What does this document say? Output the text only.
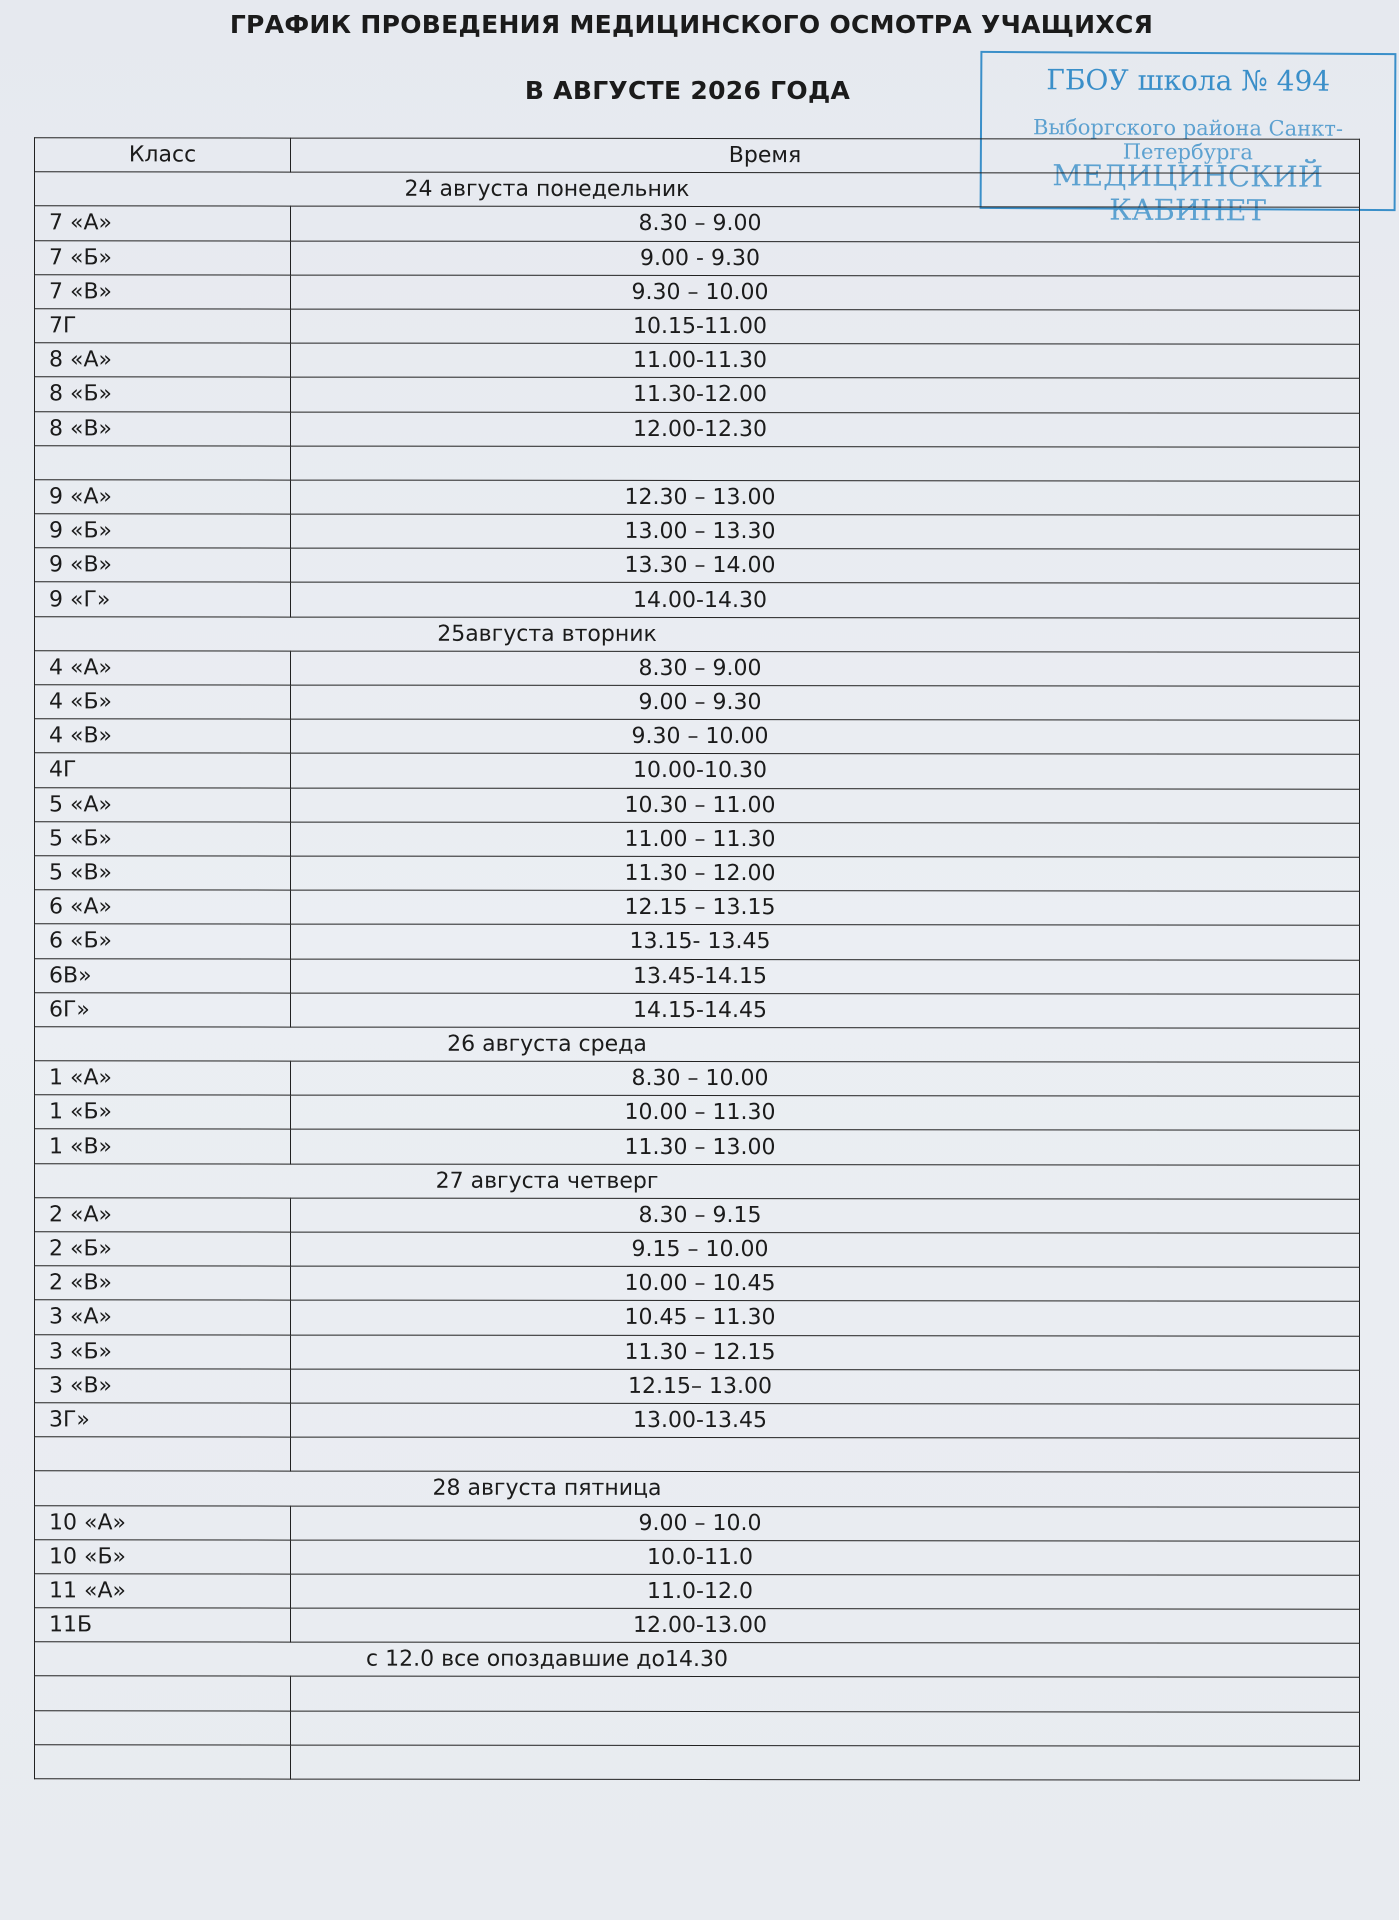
ГРАФИК ПРОВЕДЕНИЯ МЕДИЦИНСКОГО ОСМОТРА УЧАЩИХСЯ
В АВГУСТЕ 2026 ГОДА	ГБОУ школа № 494
Выборгского района Санкт-Петербурга
МЕДИЦИНСКИЙ КАБИНЕТ
Класс	Время
24 августа понедельник	
7 «А»	8.30 – 9.00
7 «Б»	9.00 - 9.30
7 «В»	9.30 – 10.00
7Г	10.15-11.00
8 «А»	11.00-11.30
8 «Б»	11.30-12.00
8 «В»	12.00-12.30

9 «А»	12.30 – 13.00
9 «Б»	13.00 – 13.30
9 «В»	13.30 – 14.00
9 «Г»	14.00-14.30
25августа вторник	
4 «А»	8.30 – 9.00
4 «Б»	9.00 – 9.30
4 «В»	9.30 – 10.00
4Г	10.00-10.30
5 «А»	10.30 – 11.00
5 «Б»	11.00 – 11.30
5 «В»	11.30 – 12.00
6 «А»	12.15 – 13.15
6 «Б»	13.15- 13.45
6В»	13.45-14.15
6Г»	14.15-14.45
26 августа среда	
1 «А»	8.30 – 10.00
1 «Б»	10.00 – 11.30
1 «В»	11.30 – 13.00
27 августа четверг	
2 «А»	8.30 – 9.15
2 «Б»	9.15 – 10.00
2 «В»	10.00 – 10.45
3 «А»	10.45 – 11.30
3 «Б»	11.30 – 12.15
3 «В»	12.15– 13.00
3Г»	13.00-13.45

28 августа пятница	
10 «А»	9.00 – 10.0
10 «Б»	10.0-11.0
11 «А»	11.0-12.0
11Б	12.00-13.00
с 12.0 все опоздавшие до14.30	
